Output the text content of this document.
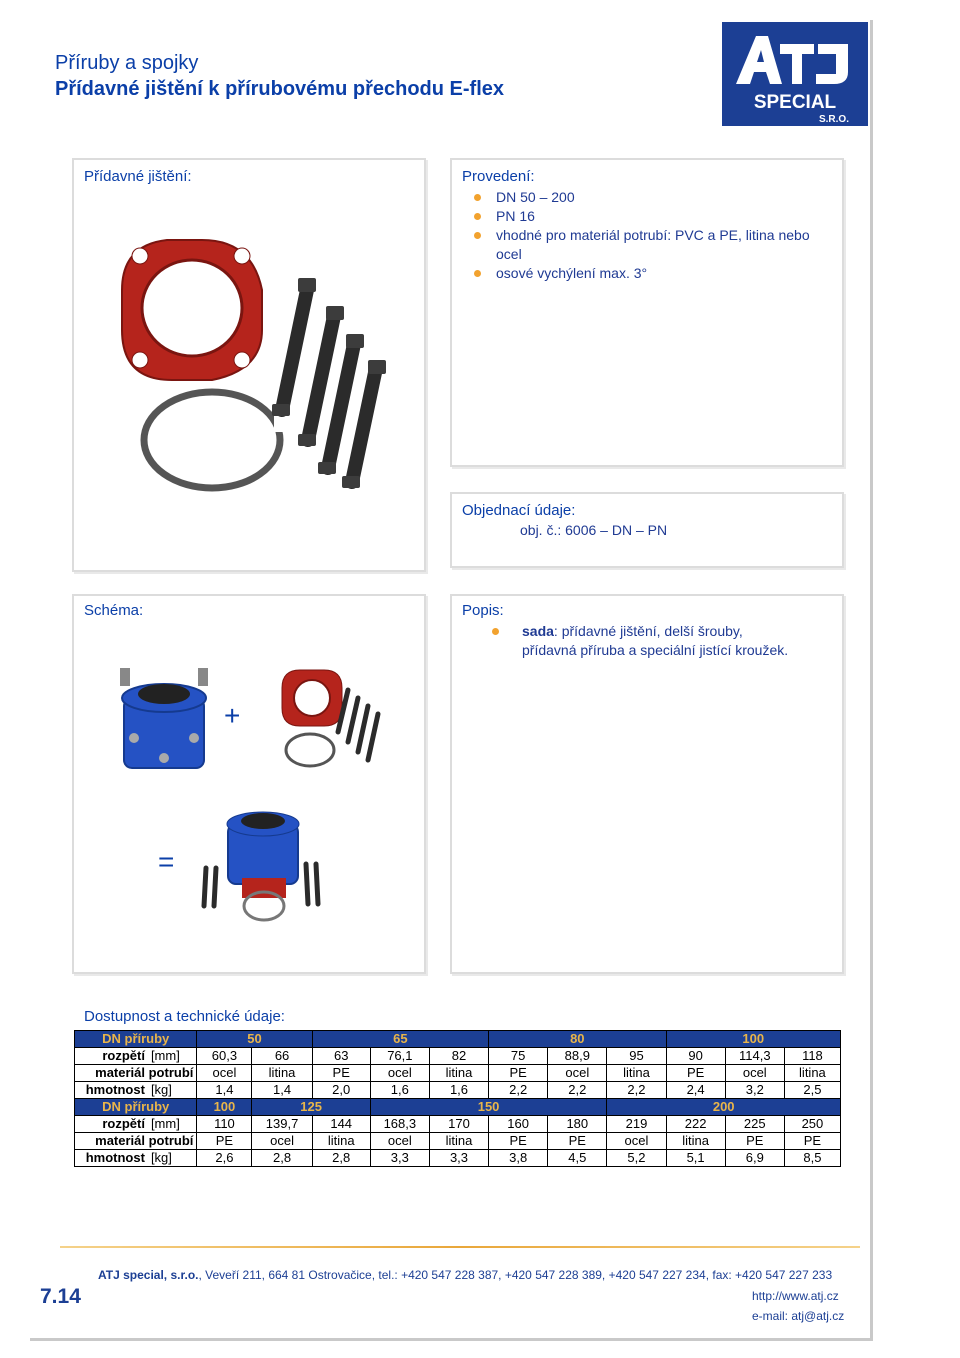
Příruby a spojky
Přídavné jištění k přírubovému přechodu E-flex
SPECIAL
S.R.O.
Přídavné jištění:	Provedení:
DN 50 – 200
PN 16
vhodné pro materiál potrubí: PVC a PE, litina nebo ocel
osové vychýlení max. 3°
Objednací údaje:
obj. č.: 6006 – DN – PN
Schéma:
+
=
Popis:
sada: přídavné jištění, delší šrouby, přídavná příruba a speciální jistící kroužek.
Dostupnost a technické údaje:
DN příruby		50		65			80			100		
rozpětí	[mm]	60,3	66	63	76,1	82	75	88,9	95	90	114,3	118
materiál potrubí		ocel	litina	PE	ocel	litina	PE	ocel	litina	PE	ocel	litina
hmotnost	[kg]	1,4	1,4	2,0	1,6	1,6	2,2	2,2	2,2	2,4	3,2	2,5
DN příruby		100	125		150				200			
rozpětí	[mm]	110	139,7	144	168,3	170	160	180	219	222	225	250
materiál potrubí		PE	ocel	litina	ocel	litina	PE	PE	ocel	litina	PE	PE
hmotnost	[kg]	2,6	2,8	2,8	3,3	3,3	3,8	4,5	5,2	5,1	6,9	8,5
7.14
ATJ special, s.r.o., Veveří 211, 664 81 Ostrovačice, tel.: +420 547 228 387, +420 547 228 389, +420 547 227 234, fax: +420 547 227 233
http://www.atj.cz
e-mail: atj@atj.cz
